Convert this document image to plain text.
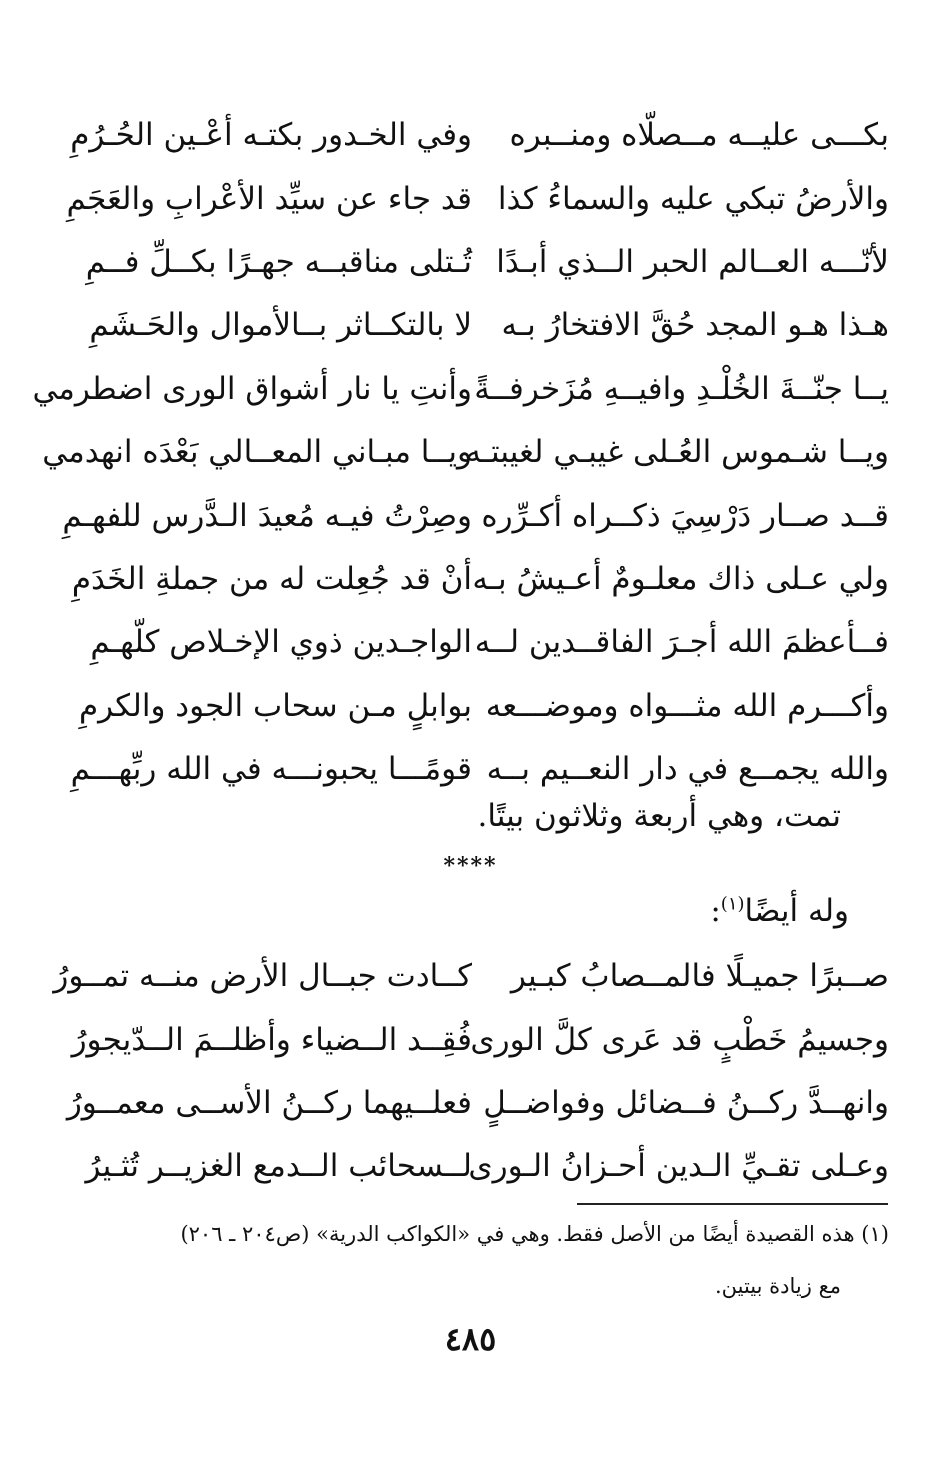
بكـــى عليــه مــصلّاه ومنــبره
وفي الخـدور بكتـه أعْـين الحُـرُمِ
والأرضُ تبكي عليه والسماءُ كذا
قد جاء عن سيِّد الأعْرابِ والعَجَمِ
لأنّـــه العــالم الحبر الــذي أبـدًا
تُـتلى مناقبــه جهـرًا بكــلِّ فــمِ
هـذا هـو المجد حُقَّ الافتخارُ بـه
لا بالتكــاثر بــالأموال والحَـشَمِ
يــا جنّــةَ الخُلْـدِ وافيــهِ مُزَخرفــةً
وأنتِ يا نار أشواق الورى اضطرمي
ويــا شـموس العُـلى غيبـي لغيبتـه
ويــا مبـاني المعــالي بَعْدَه انهدمي
قــد صــار دَرْسِيَ ذكــراه أكـرِّره
وصِرْتُ فيـه مُعيدَ الـدَّرس للفهـمِ
ولي عـلى ذاك معلـومٌ أعـيشُ بـه
أنْ قد جُعِلت له من جملةِ الخَدَمِ
فــأعظمَ الله أجـرَ الفاقــدين لــه
الواجـدين ذوي الإخـلاص كلّهـمِ
وأكـــرم الله مثـــواه وموضـــعه
بوابلٍ مـن سحاب الجود والكرمِ
والله يجمــع في دار النعــيم بــه
قومًـــا يحبونـــه في الله ربِّهـــمِ
تمت، وهي أربعة وثلاثون بيتًا.
****
وله أيضًا$^{(١)}$:
صــبرًا جميـلًا فالمــصابُ كبـير
كــادت جبــال الأرض منــه تمــورُ
وجسيمُ خَطْبٍ قد عَرى كلَّ الورى
فُقِــد الــضياء وأظلــمَ الــدّيجورُ
وانهــدَّ ركــنُ فــضائل وفواضــلٍ
فعلــيهما ركــنُ الأســى معمــورُ
وعـلى تقـيِّ الـدين أحـزانُ الـورى
لــسحائب الــدمع الغزيــر تُثـيرُ
(١) هذه القصيدة أيضًا من الأصل فقط. وهي في «الكواكب الدرية» (ص٢٠٤ ـ ٢٠٦)
مع زيادة بيتين.
٤٨٥
